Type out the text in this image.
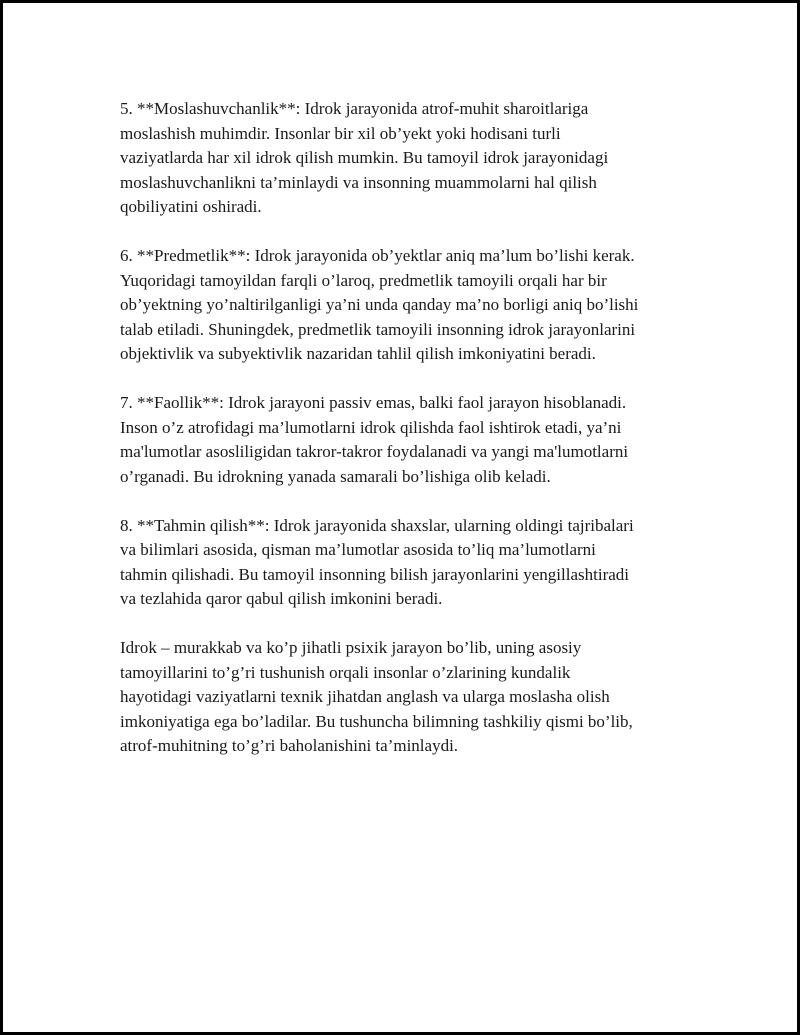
5. **Moslashuvchanlik**: Idrok jarayonida atrof-muhit sharoitlariga
moslashish muhimdir. Insonlar bir xil ob’yekt yoki hodisani turli
vaziyatlarda har xil idrok qilish mumkin. Bu tamoyil idrok jarayonidagi
moslashuvchanlikni ta’minlaydi va insonning muammolarni hal qilish
qobiliyatini oshiradi.

6. **Predmetlik**: Idrok jarayonida ob’yektlar aniq ma’lum bo’lishi kerak.
Yuqoridagi tamoyildan farqli o’laroq, predmetlik tamoyili orqali har bir
ob’yektning yo’naltirilganligi ya’ni unda qanday ma’no borligi aniq bo’lishi
talab etiladi. Shuningdek, predmetlik tamoyili insonning idrok jarayonlarini
objektivlik va subyektivlik nazaridan tahlil qilish imkoniyatini beradi.

7. **Faollik**: Idrok jarayoni passiv emas, balki faol jarayon hisoblanadi.
Inson o’z atrofidagi ma’lumotlarni idrok qilishda faol ishtirok etadi, ya’ni
ma'lumotlar asosliligidan takror-takror foydalanadi va yangi ma'lumotlarni
o’rganadi. Bu idrokning yanada samarali bo’lishiga olib keladi.

8. **Tahmin qilish**: Idrok jarayonida shaxslar, ularning oldingi tajribalari
va bilimlari asosida, qisman ma’lumotlar asosida to’liq ma’lumotlarni
tahmin qilishadi. Bu tamoyil insonning bilish jarayonlarini yengillashtiradi
va tezlahida qaror qabul qilish imkonini beradi.

Idrok – murakkab va ko’p jihatli psixik jarayon bo’lib, uning asosiy
tamoyillarini to’g’ri tushunish orqali insonlar o’zlarining kundalik
hayotidagi vaziyatlarni texnik jihatdan anglash va ularga moslasha olish
imkoniyatiga ega bo’ladilar. Bu tushuncha bilimning tashkiliy qismi bo’lib,
atrof-muhitning to’g’ri baholanishini ta’minlaydi.
